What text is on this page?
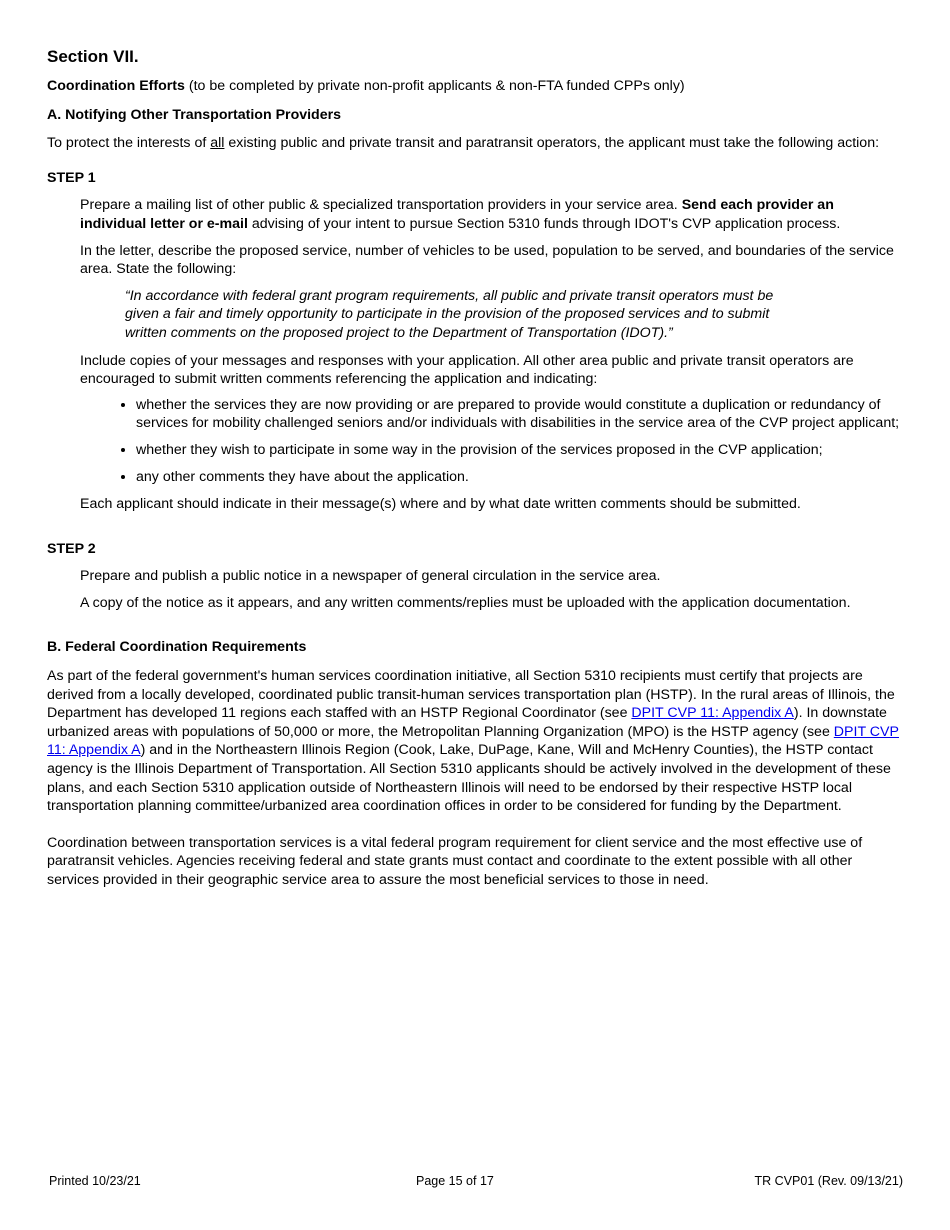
Section VII.

Coordination Efforts (to be completed by private non-profit applicants & non-FTA funded CPPs only)

A. Notifying Other Transportation Providers

To protect the interests of all existing public and private transit and paratransit operators, the applicant must take the following action:

STEP 1

Prepare a mailing list of other public & specialized transportation providers in your service area. Send each provider an individual letter or e-mail advising of your intent to pursue Section 5310 funds through IDOT's CVP application process.

In the letter, describe the proposed service, number of vehicles to be used, population to be served, and boundaries of the service area. State the following:

“In accordance with federal grant program requirements, all public and private transit operators must be given a fair and timely opportunity to participate in the provision of the proposed services and to submit written comments on the proposed project to the Department of Transportation (IDOT).”

Include copies of your messages and responses with your application. All other area public and private transit operators are encouraged to submit written comments referencing the application and indicating:

• whether the services they are now providing or are prepared to provide would constitute a duplication or redundancy of services for mobility challenged seniors and/or individuals with disabilities in the service area of the CVP project applicant;
• whether they wish to participate in some way in the provision of the services proposed in the CVP application;
• any other comments they have about the application.

Each applicant should indicate in their message(s) where and by what date written comments should be submitted.

STEP 2

Prepare and publish a public notice in a newspaper of general circulation in the service area.

A copy of the notice as it appears, and any written comments/replies must be uploaded with the application documentation.

B. Federal Coordination Requirements

As part of the federal government's human services coordination initiative, all Section 5310 recipients must certify that projects are derived from a locally developed, coordinated public transit-human services transportation plan (HSTP). In the rural areas of Illinois, the Department has developed 11 regions each staffed with an HSTP Regional Coordinator (see DPIT CVP 11: Appendix A). In downstate urbanized areas with populations of 50,000 or more, the Metropolitan Planning Organization (MPO) is the HSTP agency (see DPIT CVP 11: Appendix A) and in the Northeastern Illinois Region (Cook, Lake, DuPage, Kane, Will and McHenry Counties), the HSTP contact agency is the Illinois Department of Transportation. All Section 5310 applicants should be actively involved in the development of these plans, and each Section 5310 application outside of Northeastern Illinois will need to be endorsed by their respective HSTP local transportation planning committee/urbanized area coordination offices in order to be considered for funding by the Department.

Coordination between transportation services is a vital federal program requirement for client service and the most effective use of paratransit vehicles. Agencies receiving federal and state grants must contact and coordinate to the extent possible with all other services provided in their geographic service area to assure the most beneficial services to those in need.

Printed 10/23/21	Page 15 of 17	TR CVP01 (Rev. 09/13/21)
